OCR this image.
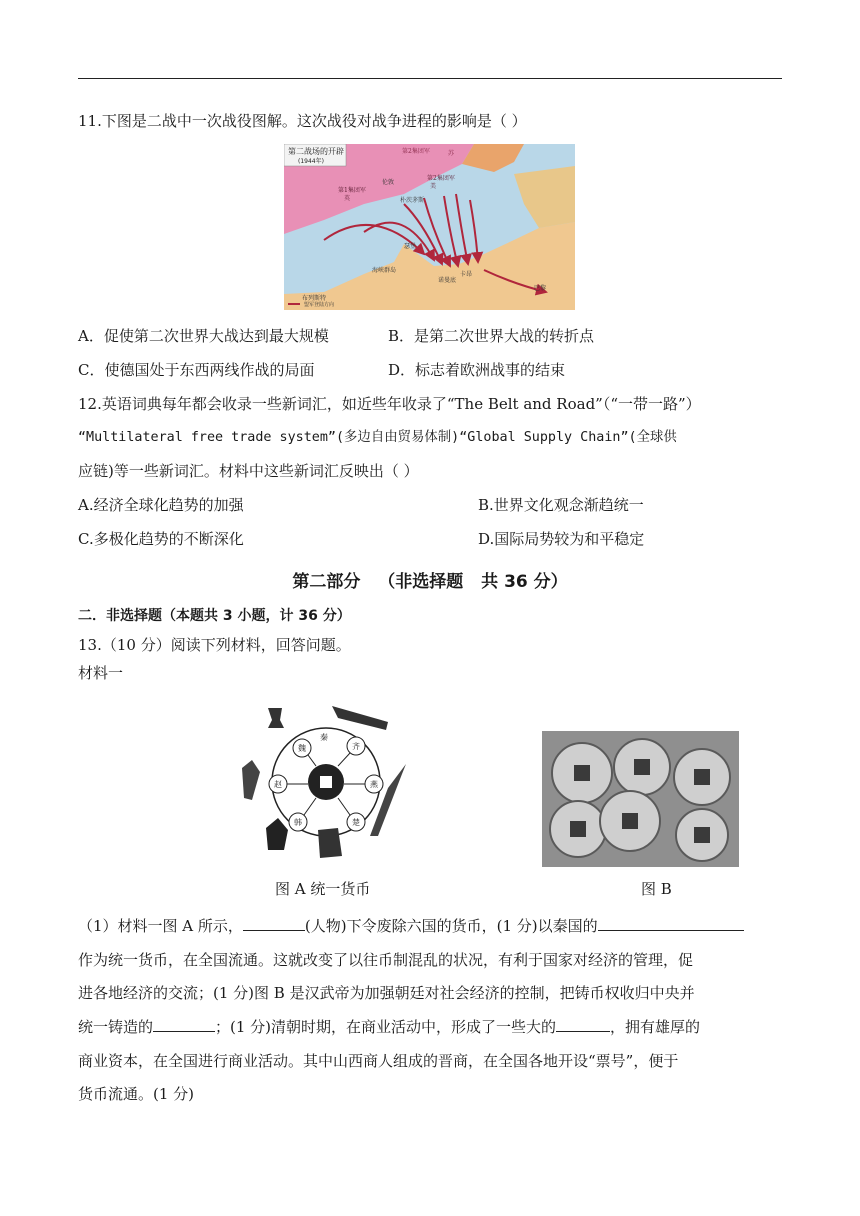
11.下图是二战中一次战役图解。这次战役对战争进程的影响是（ ）
第二战场的开辟
(1944年)
第2集团军
第1集团军
第2集团军
苏
英
美
伦敦
朴茨茅斯
布列斯特
瑟堡
卡昂
巴黎
诺曼底
海峡群岛
盟军登陆方向
A．促使第二次世界大战达到最大规模	B．是第二次世界大战的转折点
C．使德国处于东西两线作战的局面	D．标志着欧洲战事的结束
12.英语词典每年都会收录一些新词汇，如近些年收录了“The Belt and Road”（“一带一路”）
“Multilateral free trade system”(多边自由贸易体制)“Global Supply Chain”(全球供
应链)等一些新词汇。材料中这些新词汇反映出（ ）
A.经济全球化趋势的加强	B.世界文化观念渐趋统一
C.多极化趋势的不断深化	D.国际局势较为和平稳定
第二部分 （非选择题 共 36 分）
二．非选择题（本题共 3 小题，计 36 分）
13.（10 分）阅读下列材料，回答问题。
材料一
秦
魏	齐
赵	燕
韩	楚
图 A 统一货币	图 B
（1）材料一图 A 所示，	(人物)下令废除六国的货币，(1 分)以秦国的
作为统一货币，在全国流通。这就改变了以往币制混乱的状况，有利于国家对经济的管理，促
进各地经济的交流；(1 分)图 B 是汉武帝为加强朝廷对社会经济的控制，把铸币权收归中央并
统一铸造的	；(1 分)清朝时期，在商业活动中，形成了一些大的	，拥有雄厚的
商业资本，在全国进行商业活动。其中山西商人组成的晋商，在全国各地开设“票号”，便于
货币流通。(1 分)
